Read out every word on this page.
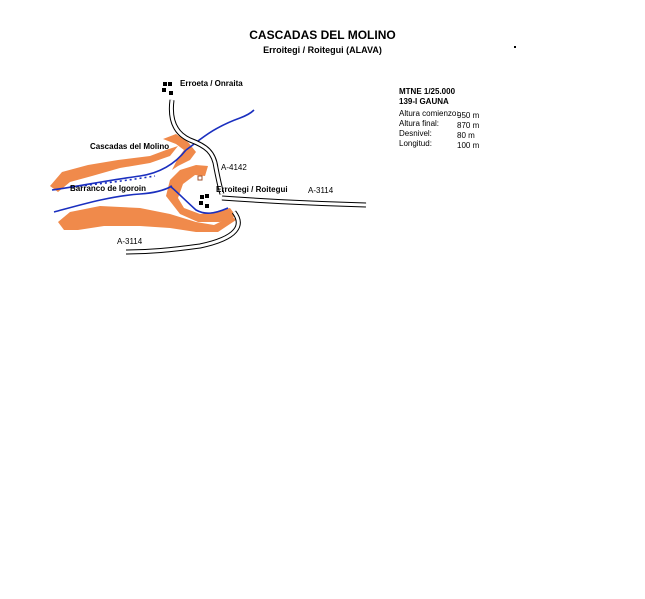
CASCADAS DEL MOLINO
Erroitegi / Roitegui (ALAVA)
MTNE 1/25.000
139-I GAUNA
Altura comienzo:
950 m
Altura final:	870 m
Desnivel:	80 m
Longitud:	100 m
Erroeta / Onraita
Cascadas del Molino
A-4142
Barranco de Igoroin	Erroitegi / Roitegui	A-3114
A-3114
